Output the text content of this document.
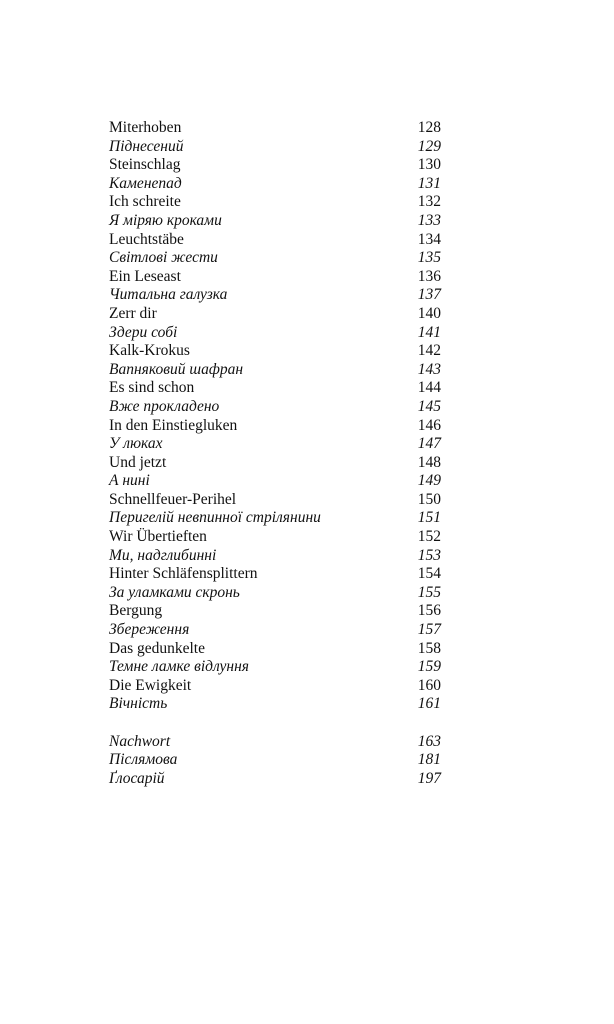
Miterhoben	128
Піднесений	129
Steinschlag	130
Каменепад	131
Ich schreite	132
Я міряю кроками	133
Leuchtstäbe	134
Світлові жести	135
Ein Leseast	136
Читальна галузка	137
Zerr dir	140
Здери собі	141
Kalk-Krokus	142
Вапняковий шафран	143
Es sind schon	144
Вже прокладено	145
In den Einstiegluken	146
У люках	147
Und jetzt	148
А нині	149
Schnellfeuer-Perihel	150
Перигелій невпинної стрілянини	151
Wir Übertieften	152
Ми, надглибинні	153
Hinter Schläfensplittern	154
За уламками скронь	155
Bergung	156
Збереження	157
Das gedunkelte	158
Темне ламке відлуння	159
Die Ewigkeit	160
Вічність	161
Nachwort	163
Післямова	181
Ґлосарій	197
